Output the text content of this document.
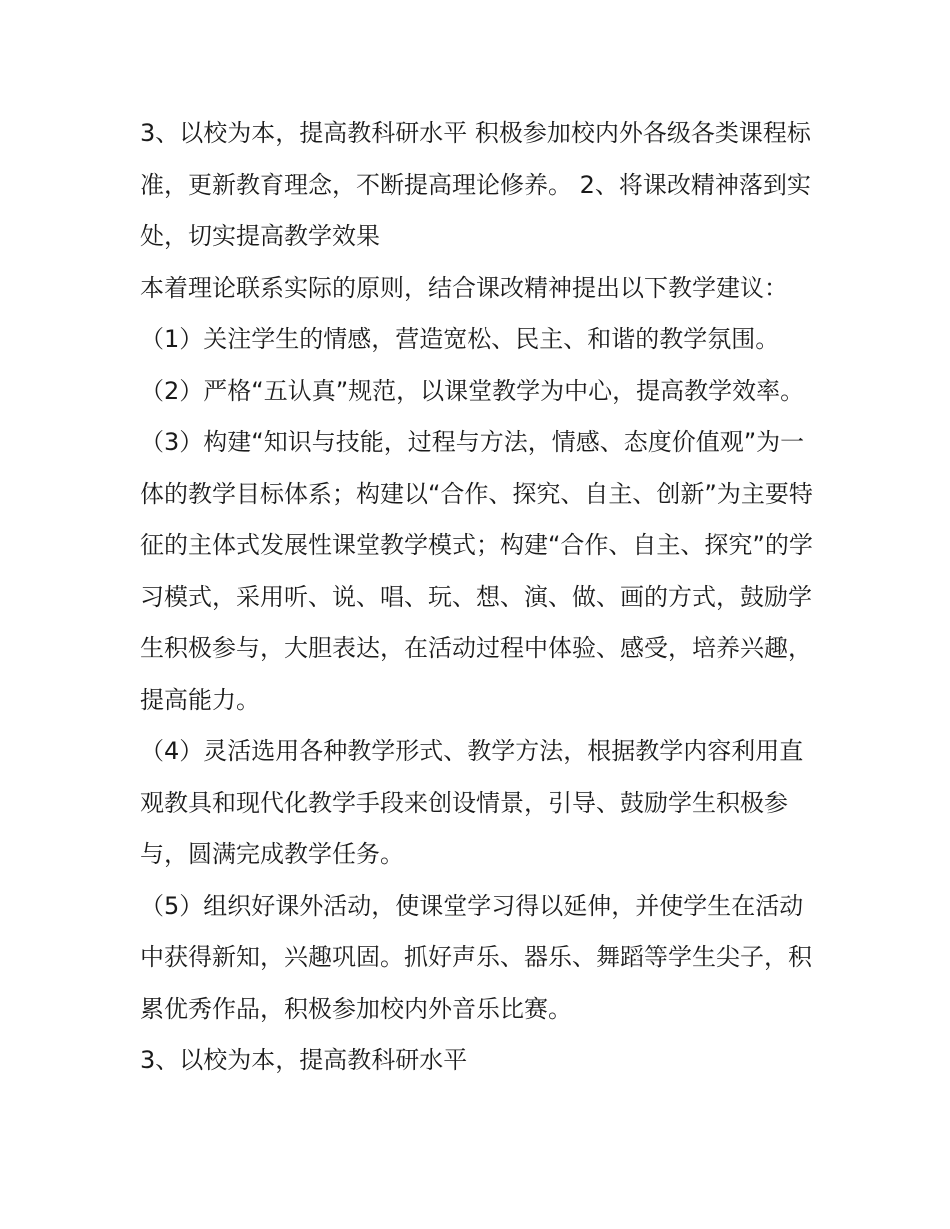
3、以校为本，提高教科研水平 积极参加校内外各级各类课程标准，更新教育理念，不断提高理论修养。 2、将课改精神落到实处，切实提高教学效果

本着理论联系实际的原则，结合课改精神提出以下教学建议：

（1）关注学生的情感，营造宽松、民主、和谐的教学氛围。

（2）严格“五认真”规范，以课堂教学为中心，提高教学效率。

（3）构建“知识与技能，过程与方法，情感、态度价值观”为一体的教学目标体系；构建以“合作、探究、自主、创新”为主要特征的主体式发展性课堂教学模式；构建“合作、自主、探究”的学习模式，采用听、说、唱、玩、想、演、做、画的方式，鼓励学生积极参与，大胆表达，在活动过程中体验、感受，培养兴趣，提高能力。

（4）灵活选用各种教学形式、教学方法，根据教学内容利用直观教具和现代化教学手段来创设情景，引导、鼓励学生积极参与，圆满完成教学任务。

（5）组织好课外活动，使课堂学习得以延伸，并使学生在活动中获得新知，兴趣巩固。抓好声乐、器乐、舞蹈等学生尖子，积累优秀作品，积极参加校内外音乐比赛。

3、以校为本，提高教科研水平
